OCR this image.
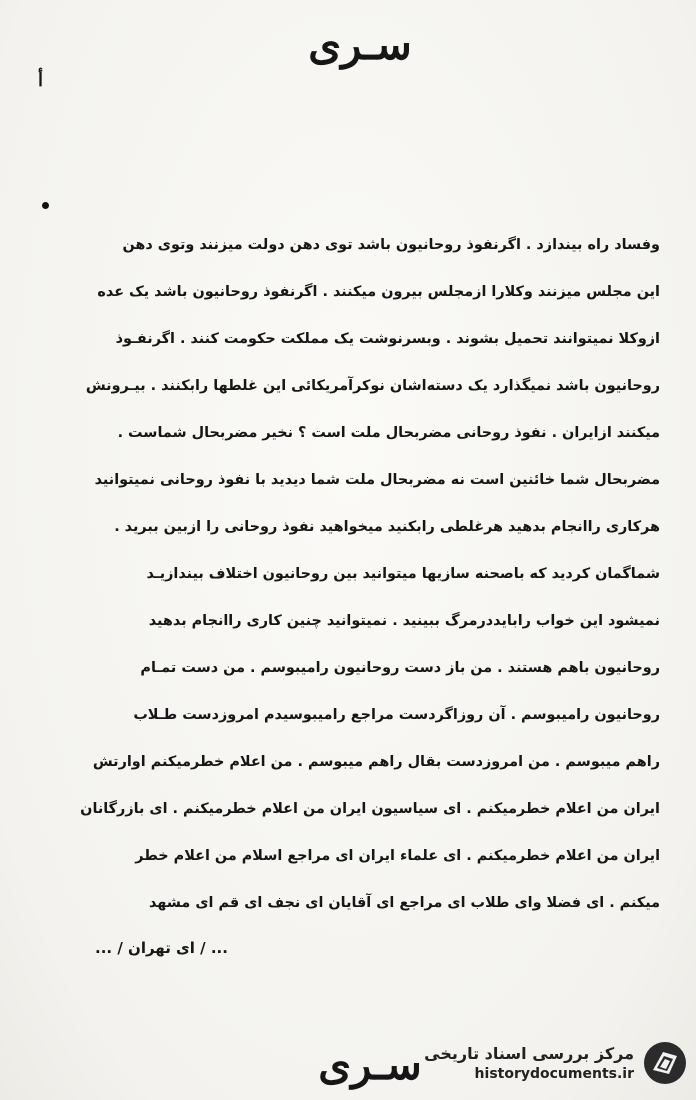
سـری
أ
وفساد راه بیندازد . اگرنفوذ روحانیون باشد توی دهن دولت میزنند وتوی دهن
این مجلس میزنند وکلارا ازمجلس بیرون میکنند . اگرنفوذ روحانیون باشد یک عده
ازوکلا نمیتوانند تحمیل بشوند . وبسرنوشت یک مملکت حکومت کنند . اگرنفـوذ
روحانیون باشد نمیگذارد یک دسته‌اشان نوکرآمریکائی این غلطها رابکنند . بیـرونش
میکنند ازایران . نفوذ روحانی مضربحال ملت است ؟ نخیر مضربحال شماست .
مضربحال شما خائنین است نه مضربحال ملت شما دیدید با نفوذ روحانی نمیتوانید
هرکاری راانجام بدهید هرغلطی رابکنید میخواهید نفوذ روحانی را ازبین ببرید .
شماگمان کردید که باصحنه سازیها میتوانید بین روحانیون اختلاف بیندازیـد
نمیشود این خواب رابایددرمرگ ببینید . نمیتوانید چنین کاری راانجام بدهید
روحانیون باهم هستند . من باز دست روحانیون رامیبوسم . من دست تمـام
روحانیون رامیبوسم . آن روزاگردست مراجع رامیبوسیدم امروزدست طـلاب
راهم میبوسم . من امروزدست بقال راهم میبوسم . من اعلام خطرمیکنم اوارتش
ایران من اعلام خطرمیکنم . ای سیاسیون ایران من اعلام خطرمیکنم . ای بازرگانان
ایران من اعلام خطرمیکنم . ای علماء ایران ای مراجع اسلام من اعلام خطر
میکنم . ای فضلا وای طلاب ای مراجع ای آقایان ای نجف ای قم ای مشهد
... / ای تهران / ...
سـری مرکز بررسی اسناد تاریخی
historydocuments.ir
